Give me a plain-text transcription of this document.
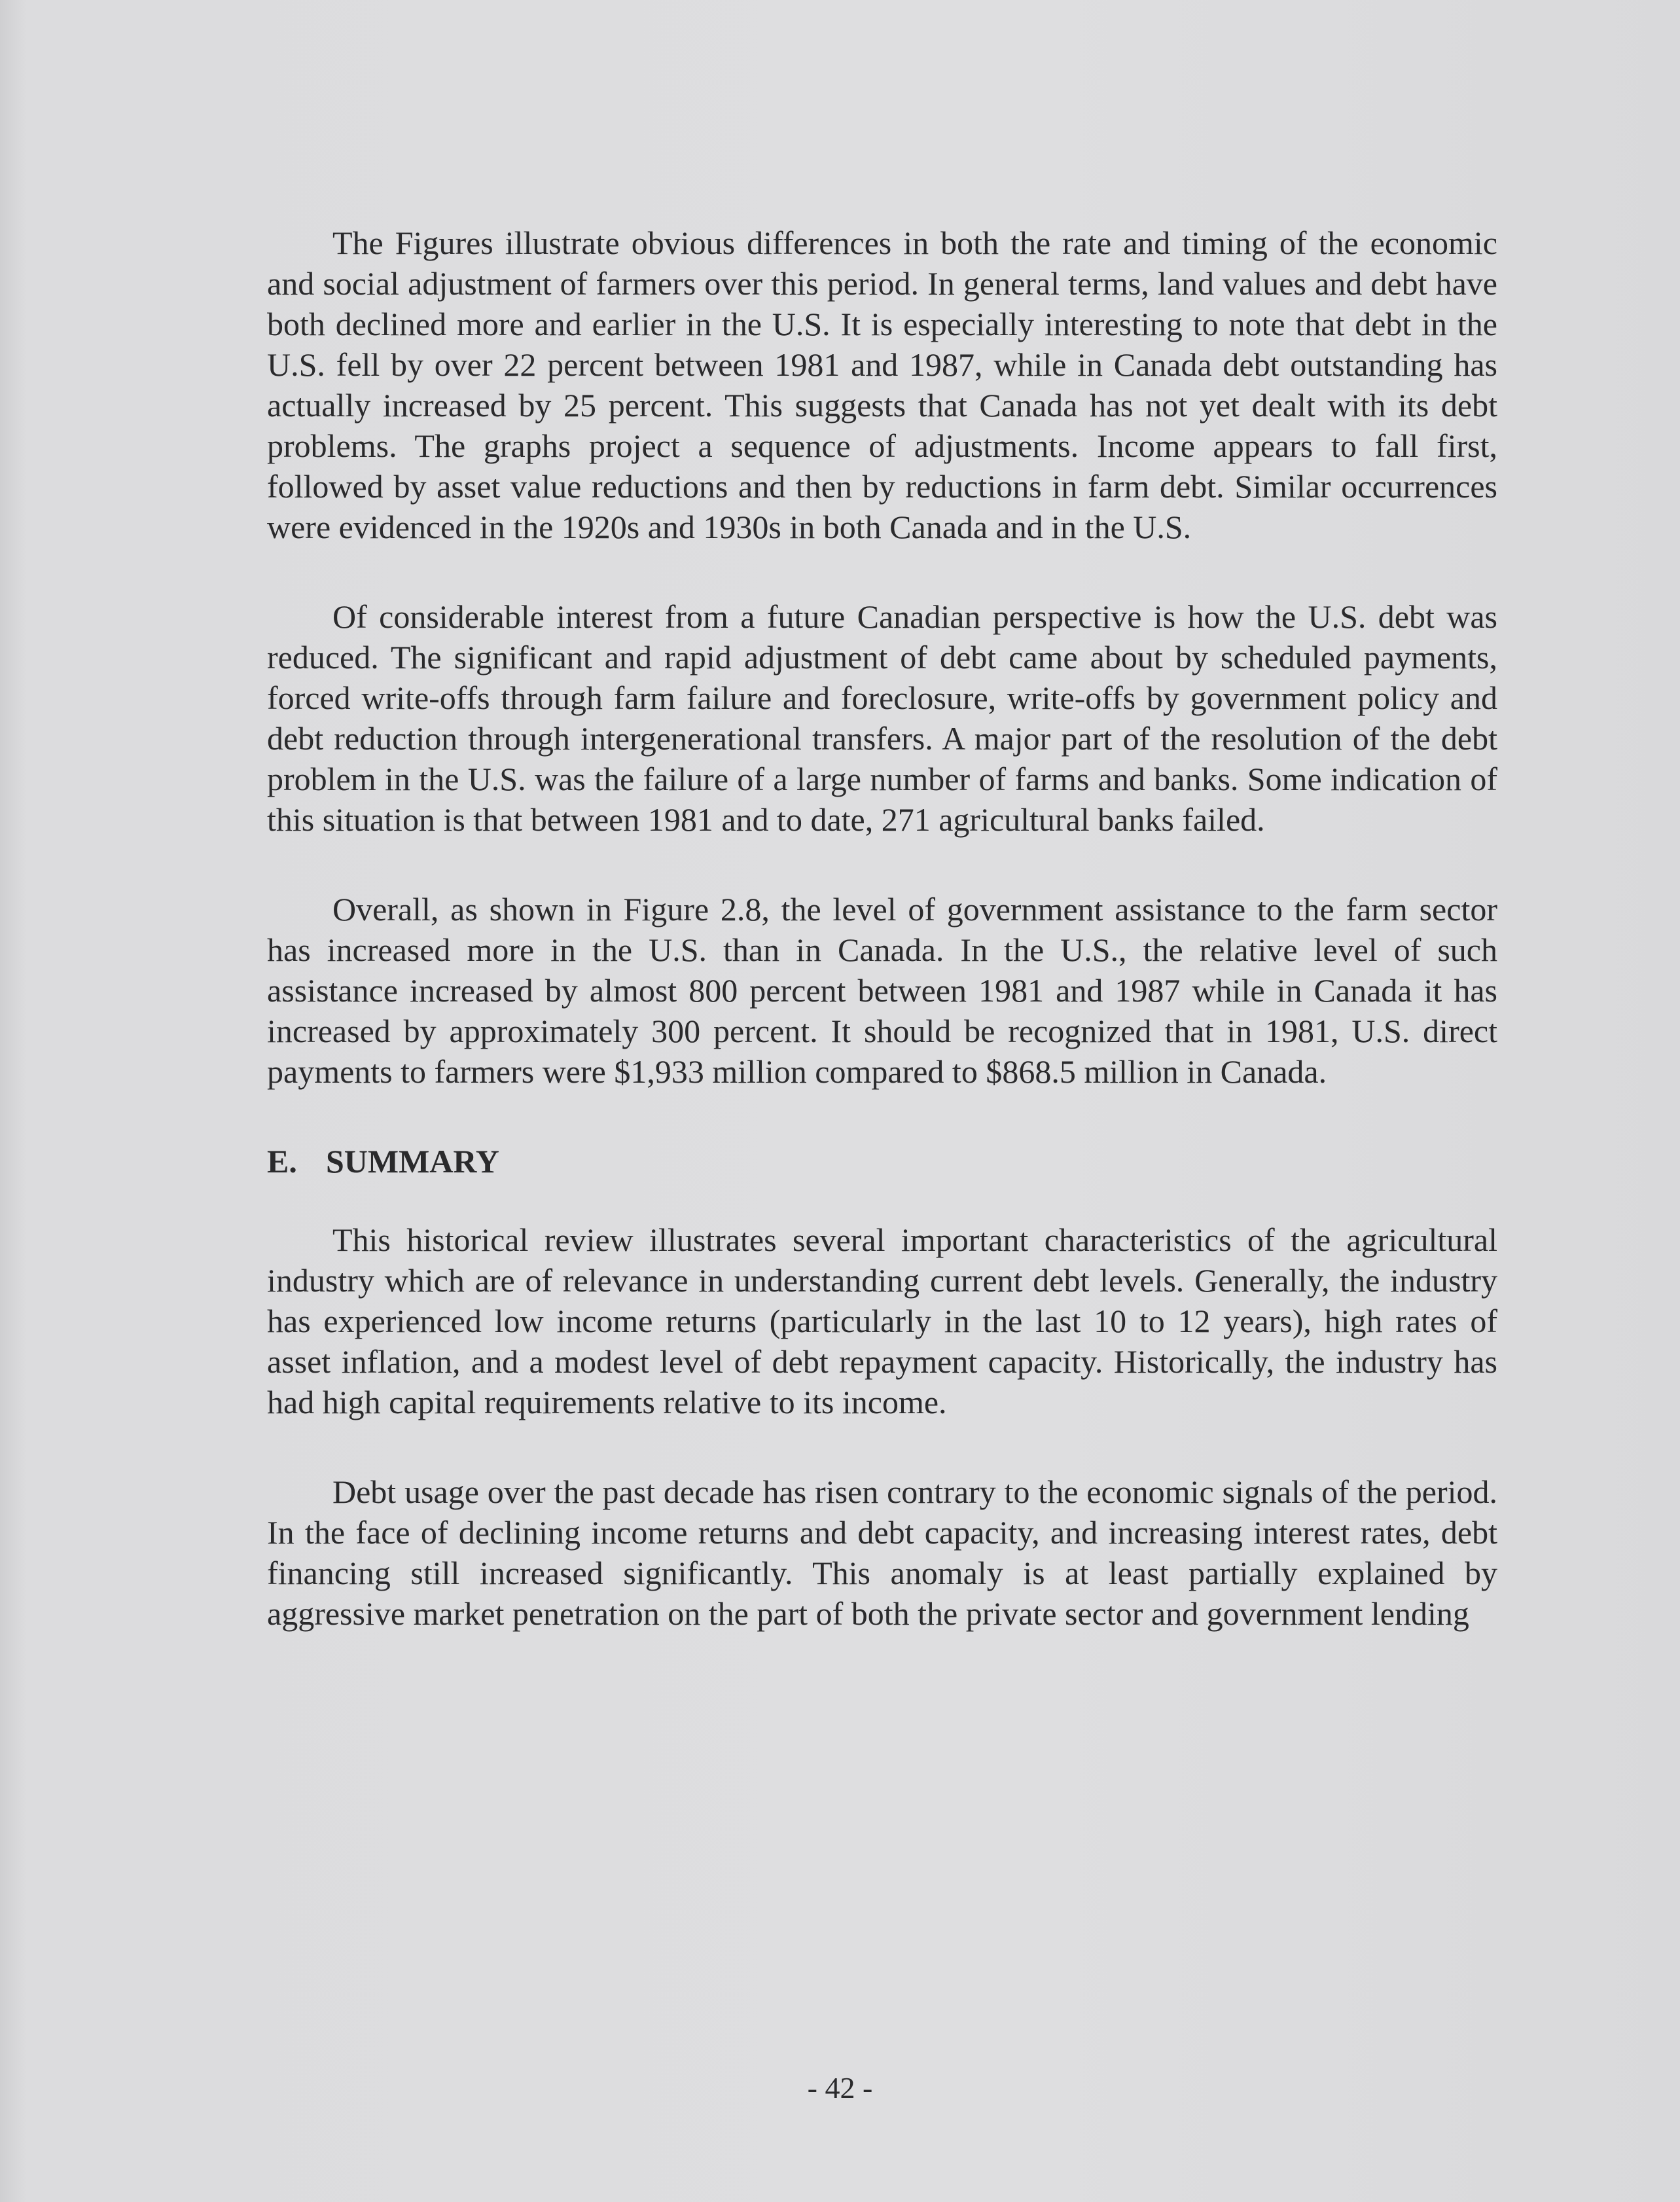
The Figures illustrate obvious differences in both the rate and timing of the economic and social adjustment of farmers over this period. In general terms, land values and debt have both declined more and earlier in the U.S. It is especially interesting to note that debt in the U.S. fell by over 22 percent between 1981 and 1987, while in Canada debt outstanding has actually increased by 25 percent. This suggests that Canada has not yet dealt with its debt problems. The graphs project a sequence of adjustments. Income appears to fall first, followed by asset value reductions and then by reductions in farm debt. Similar occurrences were evidenced in the 1920s and 1930s in both Canada and in the U.S.

Of considerable interest from a future Canadian perspective is how the U.S. debt was reduced. The significant and rapid adjustment of debt came about by scheduled payments, forced write-offs through farm failure and foreclosure, write-offs by government policy and debt reduction through intergenerational transfers. A major part of the resolution of the debt problem in the U.S. was the failure of a large number of farms and banks. Some indication of this situation is that between 1981 and to date, 271 agricultural banks failed.

Overall, as shown in Figure 2.8, the level of government assistance to the farm sector has increased more in the U.S. than in Canada. In the U.S., the relative level of such assistance increased by almost 800 percent between 1981 and 1987 while in Canada it has increased by approximately 300 percent. It should be recognized that in 1981, U.S. direct payments to farmers were $1,933 million compared to $868.5 million in Canada.

E. SUMMARY

This historical review illustrates several important characteristics of the agricultural industry which are of relevance in understanding current debt levels. Generally, the industry has experienced low income returns (particularly in the last 10 to 12 years), high rates of asset inflation, and a modest level of debt repayment capacity. Historically, the industry has had high capital requirements relative to its income.

Debt usage over the past decade has risen contrary to the economic signals of the period. In the face of declining income returns and debt capacity, and increasing interest rates, debt financing still increased significantly. This anomaly is at least partially explained by aggressive market penetration on the part of both the private sector and government lending

- 42 -
